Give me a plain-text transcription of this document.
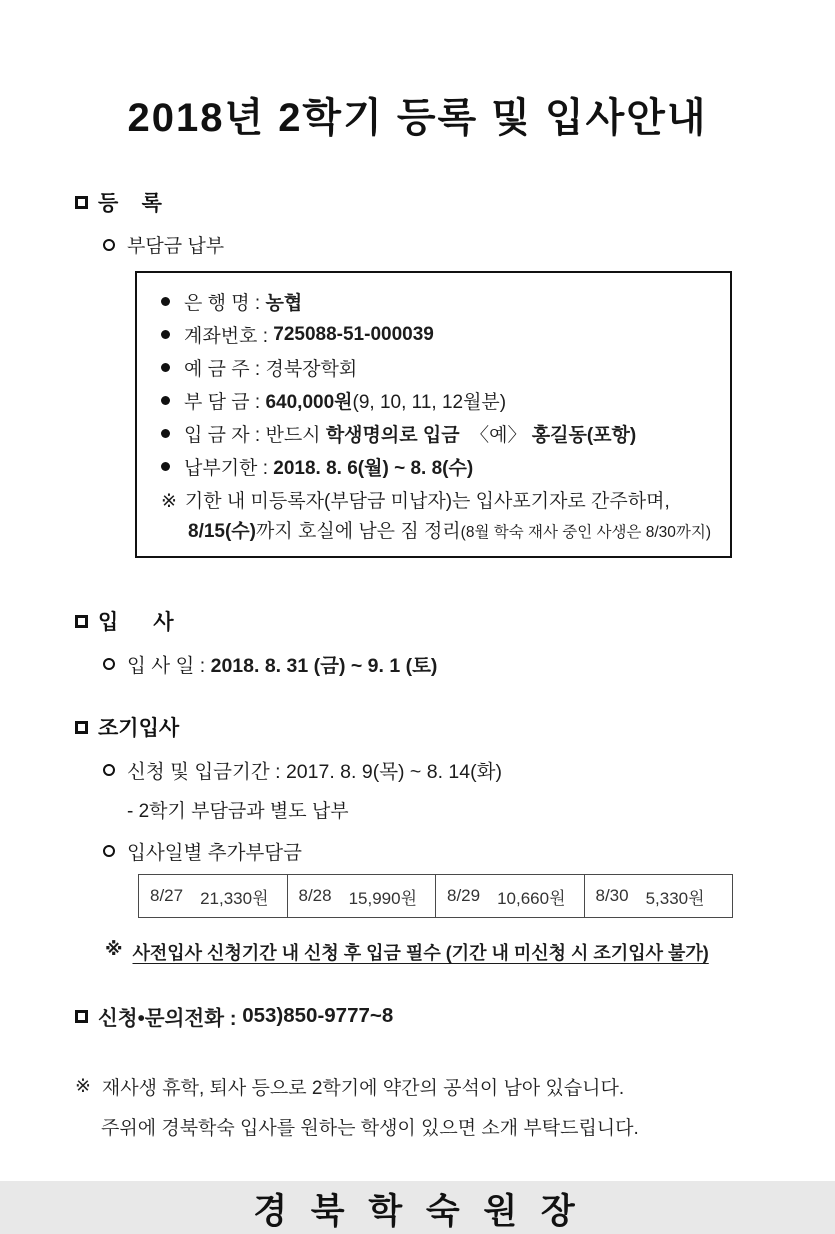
2018년 2학기 등록 및 입사안내
등    록
부담금 납부
은 행 명 : 농협
계좌번호 : 725088-51-000039
예 금 주 : 경북장학회
부 담 금 : 640,000원 (9, 10, 11, 12월분)
입 금 자 : 반드시 학생명의로 입금 〈예〉 홍길동(포항)
납부기한 : 2018. 8. 6(월) ~ 8. 8(수)
※ 기한 내 미등록자(부담금 미납자)는 입사포기자로 간주하며,
8/15(수)까지 호실에 남은 짐 정리(8월 학숙 재사 중인 사생은 8/30까지)
입      사
입 사 일 : 2018. 8. 31 (금) ~ 9. 1 (토)
조기입사
신청 및 입금기간 : 2017. 8. 9(목) ~ 8. 14(화)
- 2학기 부담금과 별도 납부
입사일별 추가부담금
8/27 21,330원 8/28 15,990원 8/29 10,660원 8/30 5,330원
※ 사전입사 신청기간 내 신청 후 입금 필수 (기간 내 미신청 시 조기입사 불가)
신청•문의전화 : 053)850-9777~8
※ 재사생 휴학, 퇴사 등으로 2학기에 약간의 공석이 남아 있습니다.
주위에 경북학숙 입사를 원하는 학생이 있으면 소개 부탁드립니다.
경 북 학 숙 원 장
